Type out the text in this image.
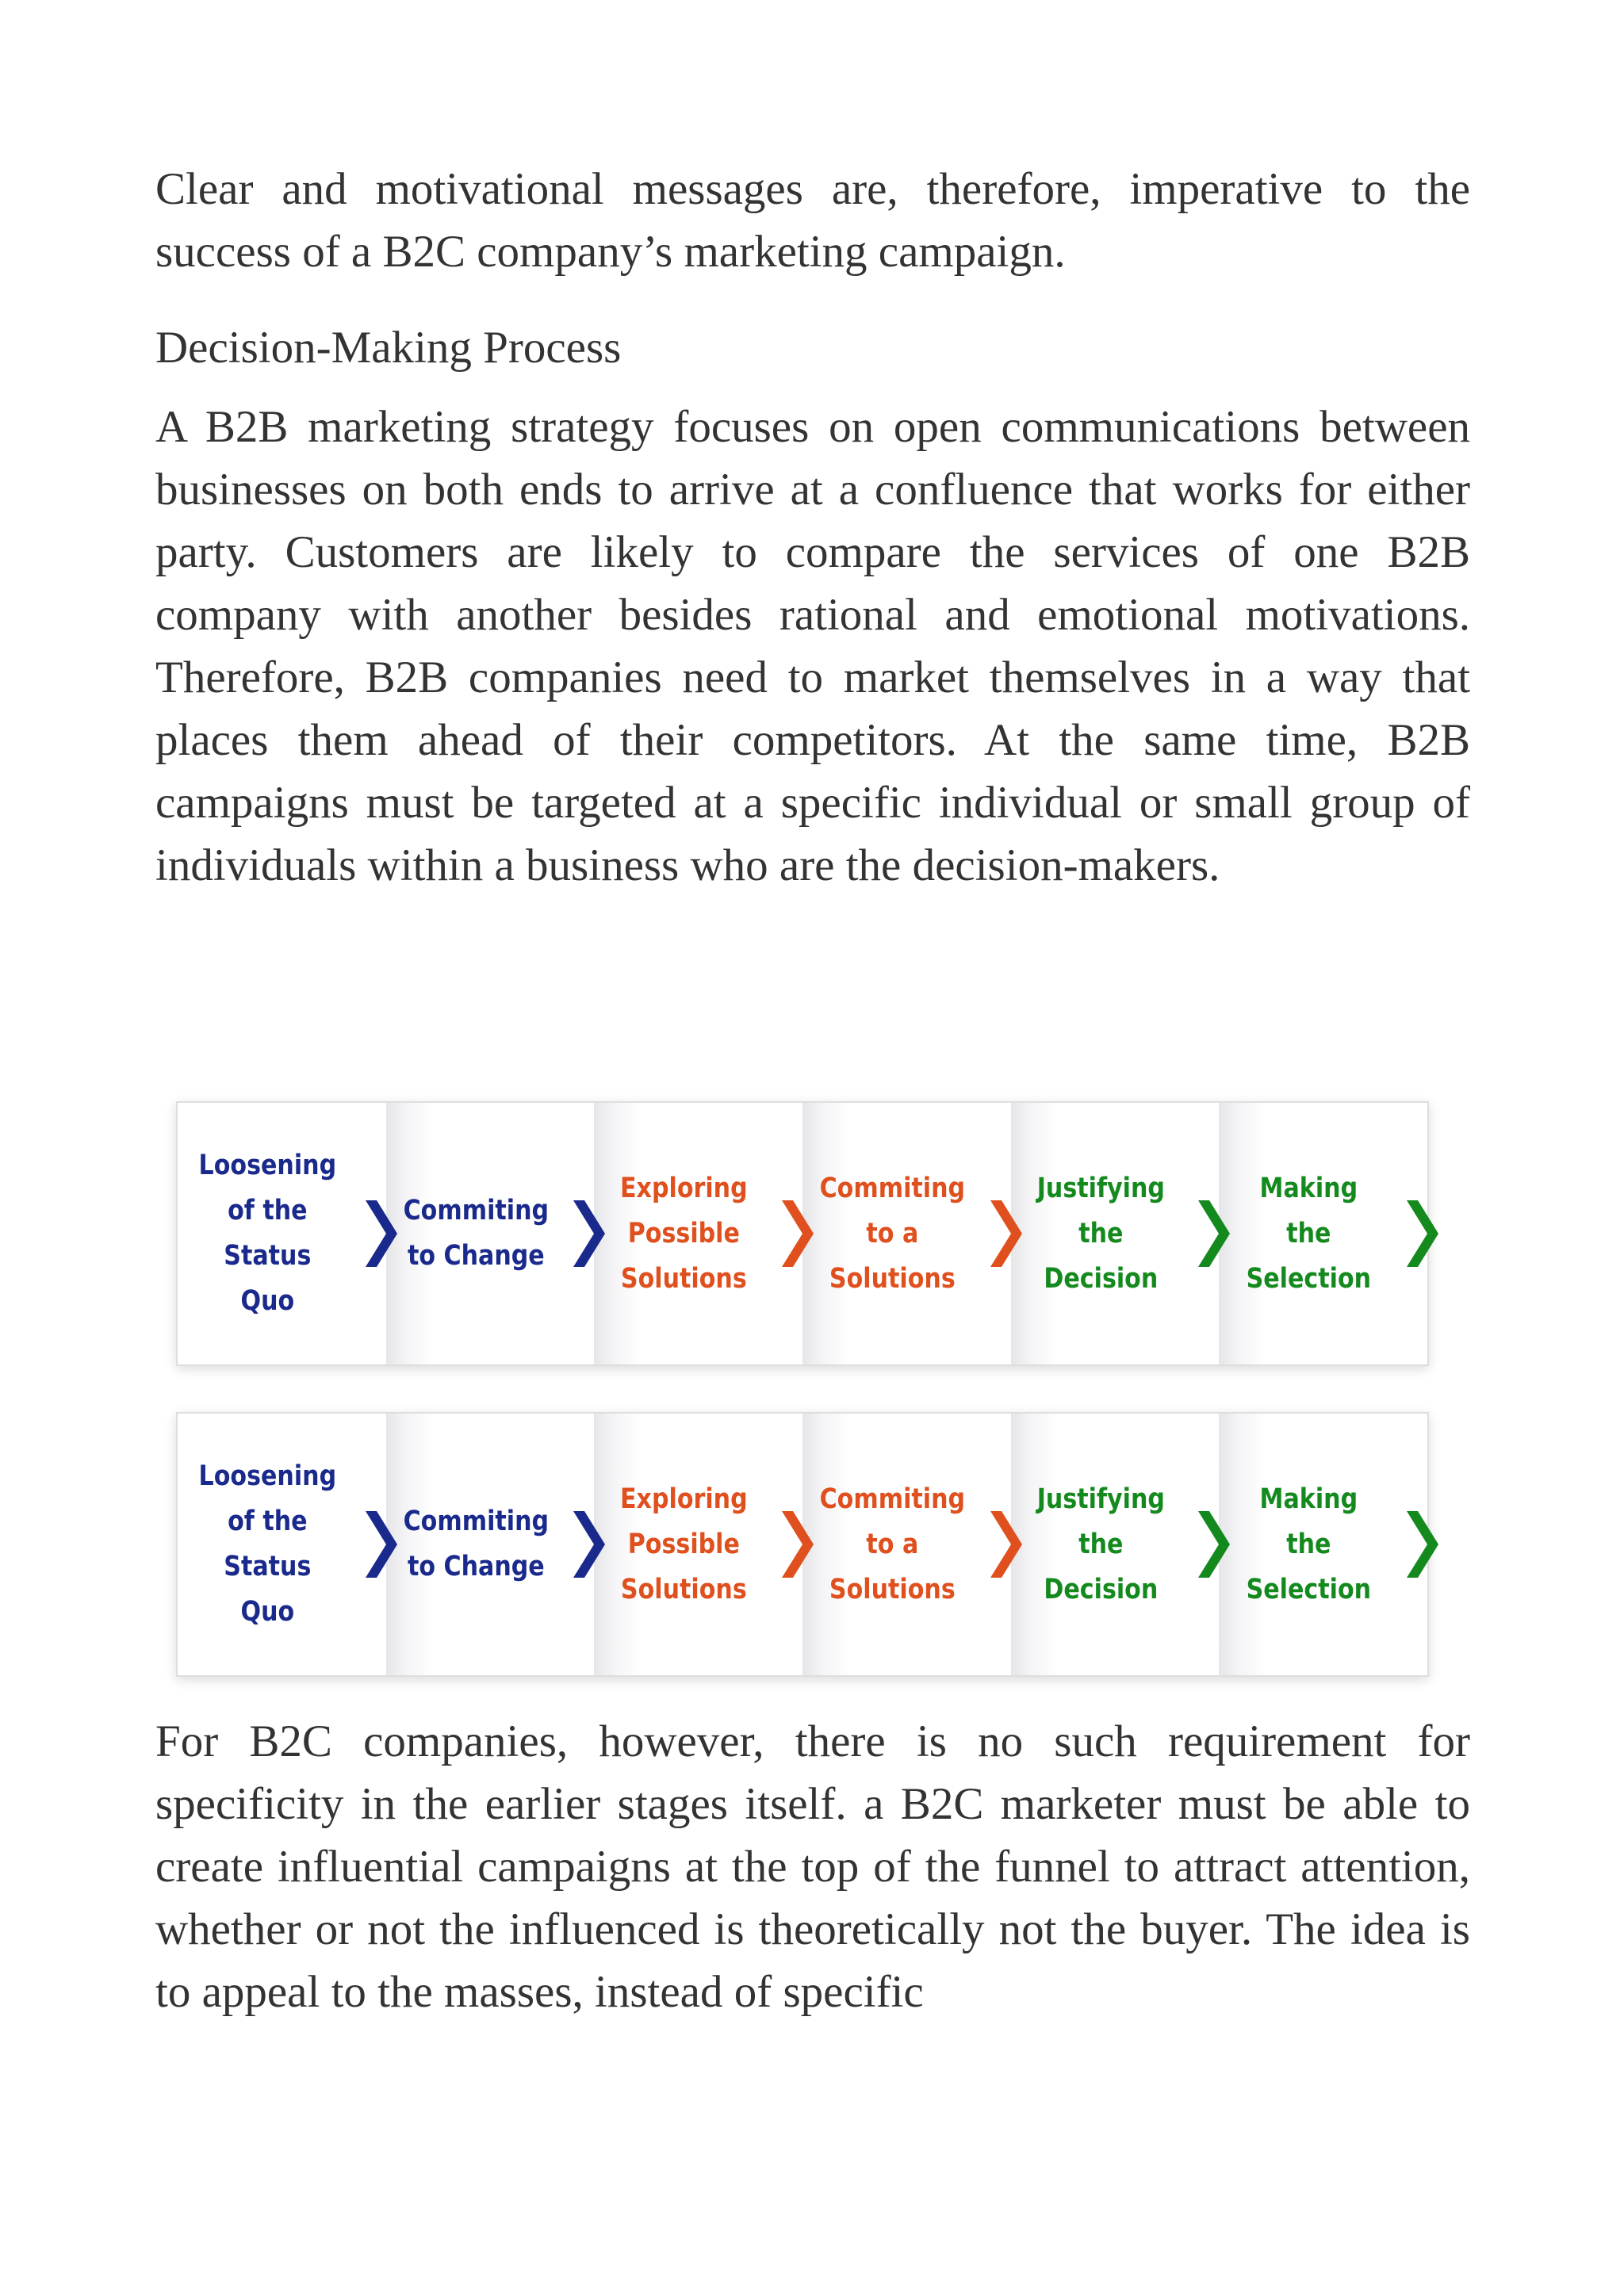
Clear and motivational messages are, therefore, imperative to the success of a B2C company’s marketing campaign.

Decision-Making Process

A B2B marketing strategy focuses on open communications between businesses on both ends to arrive at a confluence that works for either party. Customers are likely to compare the services of one B2B company with another besides rational and emotional motivations. Therefore, B2B companies need to market themselves in a way that places them ahead of their competitors. At the same time, B2B campaigns must be targeted at a specific individual or small group of individuals within a business who are the decision-makers.

Loosening
of the
Status Quo
Commiting
to Change
Exploring
Possible
Solutions
Commiting
to a
Solutions
Justifying
the Decision
Making the
Selection
Loosening
of the
Status Quo
Commiting
to Change
Exploring
Possible
Solutions
Commiting
to a
Solutions
Justifying
the Decision
Making the
Selection

For B2C companies, however, there is no such requirement for specificity in the earlier stages itself. a B2C marketer must be able to create influential campaigns at the top of the funnel to attract attention, whether or not the influenced is theoretically not the buyer. The idea is to appeal to the masses, instead of specific
